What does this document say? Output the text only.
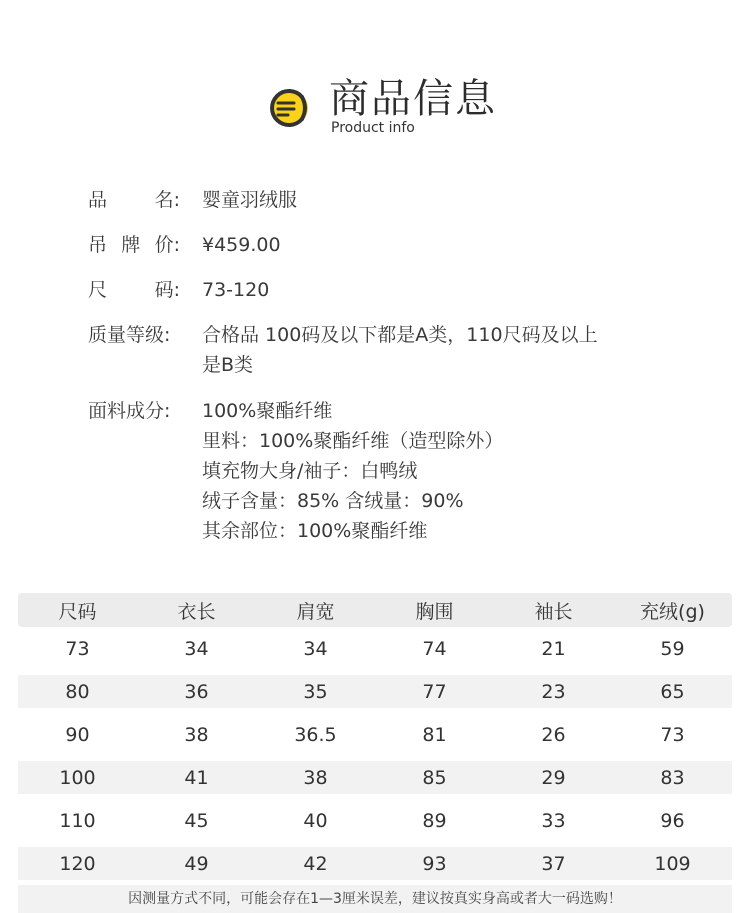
商品信息
Product info
品	名: 婴童羽绒服
吊 牌 价: ¥459.00
尺	码: 73-120
质量等级:	合格品 100码及以下都是A类，110尺码及以上
是B类
面料成分:	100%聚酯纤维
里料：100%聚酯纤维（造型除外）
填充物大身/袖子：白鸭绒
绒子含量：85% 含绒量：90%
其余部位：100%聚酯纤维
尺码	衣长	肩宽	胸围	袖长	充绒(g)
73	34	34	74	21	59
80	36	35	77	23	65
90	38	36.5	81	26	73
100	41	38	85	29	83
110	45	40	89	33	96
120	49	42	93	37	109
因测量方式不同，可能会存在1—3厘米误差，建议按真实身高或者大一码选购！
